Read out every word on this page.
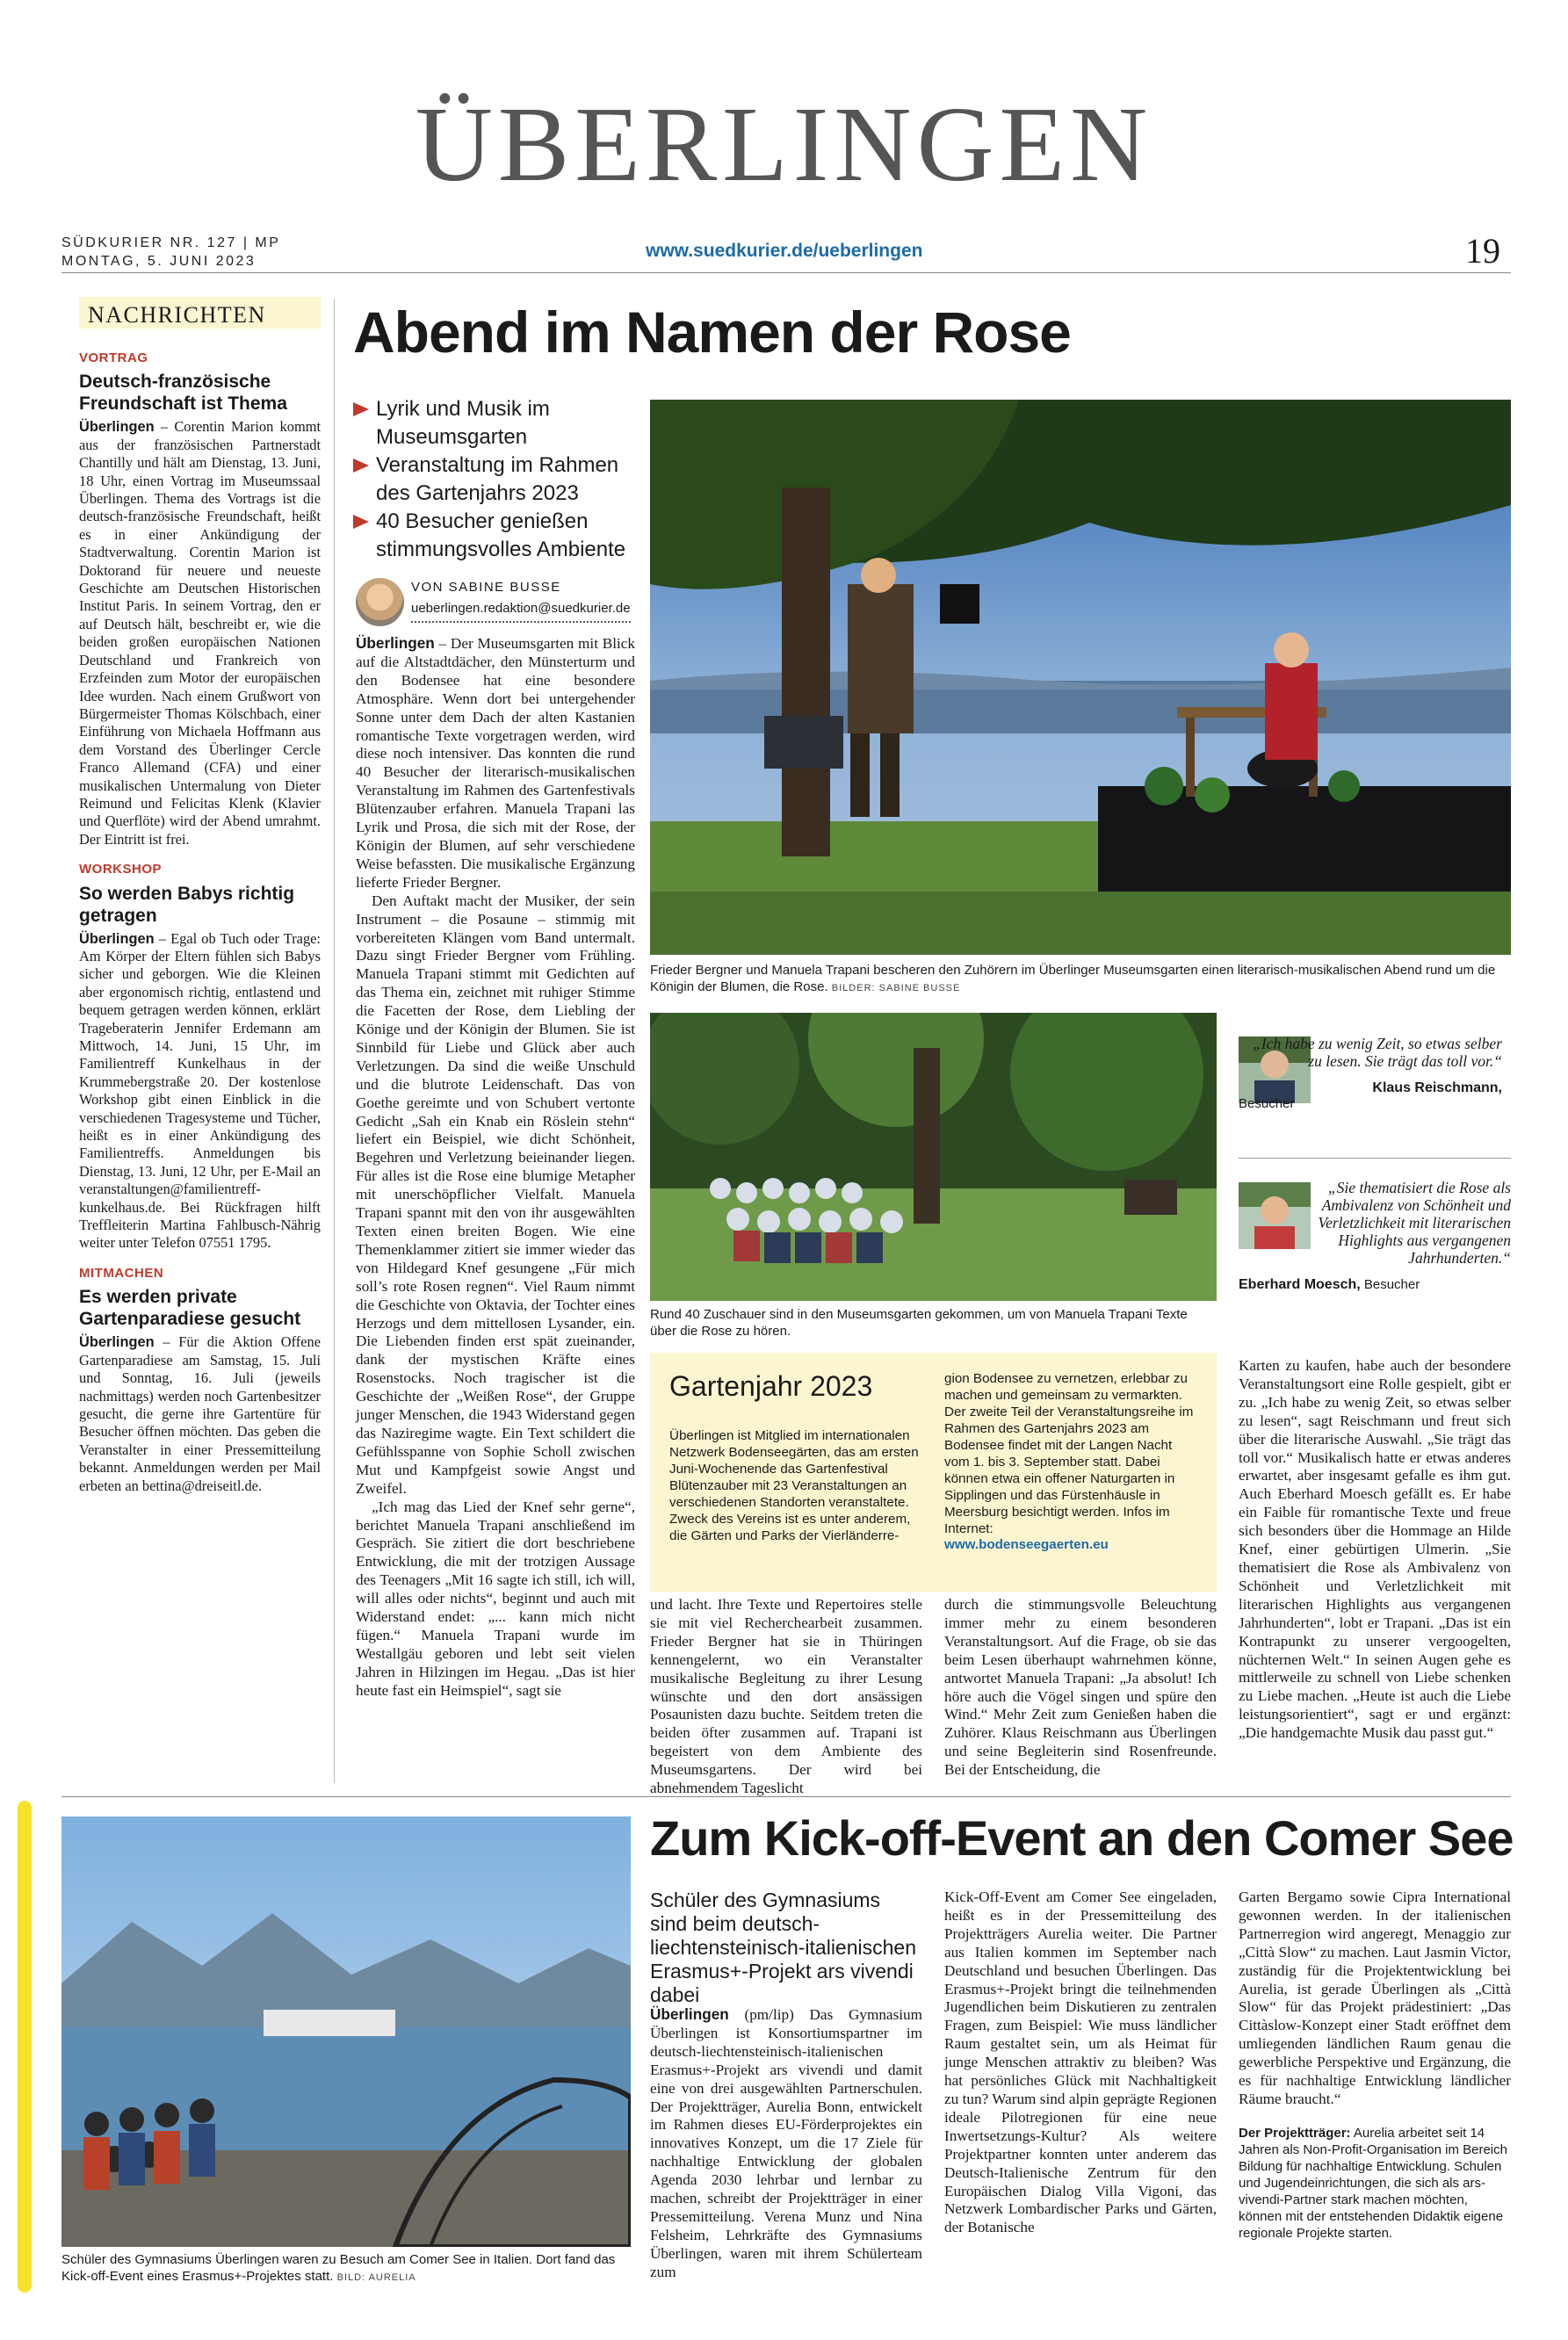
ÜBERLINGEN
SÜDKURIER NR. 127 | MP
MONTAG, 5. JUNI 2023
www.suedkurier.de/ueberlingen	19
NACHRICHTEN
VORTRAG
Deutsch-französische Freundschaft ist Thema
Überlingen – Corentin Marion kommt aus der französischen Partnerstadt Chantilly und hält am Dienstag, 13. Juni, 18 Uhr, einen Vortrag im Museumssaal Überlingen. Thema des Vortrags ist die deutsch-französische Freundschaft, heißt es in einer Ankündigung der Stadtverwaltung. Corentin Marion ist Doktorand für neuere und neueste Geschichte am Deutschen Historischen Institut Paris. In seinem Vortrag, den er auf Deutsch hält, beschreibt er, wie die beiden großen europäischen Nationen Deutschland und Frankreich von Erzfeinden zum Motor der europäischen Idee wurden. Nach einem Grußwort von Bürgermeister Thomas Kölschbach, einer Einführung von Michaela Hoffmann aus dem Vorstand des Überlinger Cercle Franco Allemand (CFA) und einer musikalischen Untermalung von Dieter Reimund und Felicitas Klenk (Klavier und Querflöte) wird der Abend umrahmt. Der Eintritt ist frei.
WORKSHOP
So werden Babys richtig getragen
Überlingen – Egal ob Tuch oder Trage: Am Körper der Eltern fühlen sich Babys sicher und geborgen. Wie die Kleinen aber ergonomisch richtig, entlastend und bequem getragen werden können, erklärt Trageberaterin Jennifer Erdemann am Mittwoch, 14. Juni, 15 Uhr, im Familientreff Kunkelhaus in der Krummebergstraße 20. Der kostenlose Workshop gibt einen Einblick in die verschiedenen Tragesysteme und Tücher, heißt es in einer Ankündigung des Familientreffs. Anmeldungen bis Dienstag, 13. Juni, 12 Uhr, per E-Mail an veranstaltungen@familientreff-kunkelhaus.de. Bei Rückfragen hilft Treffleiterin Martina Fahlbusch-Nährig weiter unter Telefon 07551 1795.
MITMACHEN
Es werden private Gartenparadiese gesucht
Überlingen – Für die Aktion Offene Gartenparadiese am Samstag, 15. Juli und Sonntag, 16. Juli (jeweils nachmittags) werden noch Gartenbesitzer gesucht, die gerne ihre Gartentüre für Besucher öffnen möchten. Das geben die Veranstalter in einer Pressemitteilung bekannt. Anmeldungen werden per Mail erbeten an bettina@dreiseitl.de.
Abend im Namen der Rose
Lyrik und Musik im Museumsgarten
Veranstaltung im Rahmen des Gartenjahrs 2023
40 Besucher genießen stimmungsvolles Ambiente
VON SABINE BUSSE
ueberlingen.redaktion@suedkurier.de
Überlingen – Der Museumsgarten mit Blick auf die Altstadtdächer, den Münsterturm und den Bodensee hat eine besondere Atmosphäre. Wenn dort bei untergehender Sonne unter dem Dach der alten Kastanien romantische Texte vorgetragen werden, wird diese noch intensiver. Das konnten die rund 40 Besucher der literarisch-musikalischen Veranstaltung im Rahmen des Gartenfestivals Blütenzauber erfahren. Manuela Trapani las Lyrik und Prosa, die sich mit der Rose, der Königin der Blumen, auf sehr verschiedene Weise befassten. Die musikalische Ergänzung lieferte Frieder Bergner.
Den Auftakt macht der Musiker, der sein Instrument – die Posaune – stimmig mit vorbereiteten Klängen vom Band untermalt. Dazu singt Frieder Bergner vom Frühling. Manuela Trapani stimmt mit Gedichten auf das Thema ein, zeichnet mit ruhiger Stimme die Facetten der Rose, dem Liebling der Könige und der Königin der Blumen. Sie ist Sinnbild für Liebe und Glück aber auch Verletzungen. Da sind die weiße Unschuld und die blutrote Leidenschaft. Das von Goethe gereimte und von Schubert vertonte Gedicht „Sah ein Knab ein Röslein stehn“ liefert ein Beispiel, wie dicht Schönheit, Begehren und Verletzung beieinander liegen. Für alles ist die Rose eine blumige Metapher mit unerschöpflicher Vielfalt. Manuela Trapani spannt mit den von ihr ausgewählten Texten einen breiten Bogen. Wie eine Themenklammer zitiert sie immer wieder das von Hildegard Knef gesungene „Für mich soll’s rote Rosen regnen“. Viel Raum nimmt die Geschichte von Oktavia, der Tochter eines Herzogs und dem mittellosen Lysander, ein. Die Liebenden finden erst spät zueinander, dank der mystischen Kräfte eines Rosenstocks. Noch tragischer ist die Geschichte der „Weißen Rose“, der Gruppe junger Menschen, die 1943 Widerstand gegen das Naziregime wagte. Ein Text schildert die Gefühlsspanne von Sophie Scholl zwischen Mut und Kampfgeist sowie Angst und Zweifel.
„Ich mag das Lied der Knef sehr gerne“, berichtet Manuela Trapani anschließend im Gespräch. Sie zitiert die dort beschriebene Entwicklung, die mit der trotzigen Aussage des Teenagers „Mit 16 sagte ich still, ich will, will alles oder nichts“, beginnt und auch mit Widerstand endet: „... kann mich nicht fügen.“ Manuela Trapani wurde im Westallgäu geboren und lebt seit vielen Jahren in Hilzingen im Hegau. „Das ist hier heute fast ein Heimspiel“, sagt sie
Frieder Bergner und Manuela Trapani bescheren den Zuhörern im Überlinger Museumsgarten einen literarisch-musikalischen Abend rund um die Königin der Blumen, die Rose. BILDER: SABINE BUSSE
Rund 40 Zuschauer sind in den Museumsgarten gekommen, um von Manuela Trapani Texte über die Rose zu hören.
„Ich habe zu wenig Zeit, so etwas selber zu lesen. Sie trägt das toll vor.“
Klaus Reischmann,
Besucher
„Sie thematisiert die Rose als Ambivalenz von Schönheit und Verletzlichkeit mit literarischen Highlights aus vergangenen Jahrhunderten.“
Eberhard Moesch, Besucher
Gartenjahr 2023
Überlingen ist Mitglied im internationalen Netzwerk Bodenseegärten, das am ersten Juni-Wochenende das Gartenfestival Blütenzauber mit 23 Veranstaltungen an verschiedenen Standorten veranstaltete. Zweck des Vereins ist es unter anderem, die Gärten und Parks der Vierländerre-
gion Bodensee zu vernetzen, erlebbar zu machen und gemeinsam zu vermarkten. Der zweite Teil der Veranstaltungsreihe im Rahmen des Gartenjahrs 2023 am Bodensee findet mit der Langen Nacht vom 1. bis 3. September statt. Dabei können etwa ein offener Naturgarten in Sipplingen und das Fürstenhäusle in Meersburg besichtigt werden. Infos im Internet:
www.bodenseegaerten.eu
Karten zu kaufen, habe auch der besondere Veranstaltungsort eine Rolle gespielt, gibt er zu. „Ich habe zu wenig Zeit, so etwas selber zu lesen“, sagt Reischmann und freut sich über die literarische Auswahl. „Sie trägt das toll vor.“ Musikalisch hatte er etwas anderes erwartet, aber insgesamt gefalle es ihm gut. Auch Eberhard Moesch gefällt es. Er habe ein Faible für romantische Texte und freue sich besonders über die Hommage an Hilde Knef, einer gebürtigen Ulmerin. „Sie thematisiert die Rose als Ambivalenz von Schönheit und Verletzlichkeit mit literarischen Highlights aus vergangenen Jahrhunderten“, lobt er Trapani. „Das ist ein Kontrapunkt zu unserer vergoogelten, nüchternen Welt.“ In seinen Augen gehe es mittlerweile zu schnell von Liebe schenken zu Liebe machen. „Heute ist auch die Liebe leistungsorientiert“, sagt er und ergänzt: „Die handgemachte Musik dau passt gut.“
und lacht. Ihre Texte und Repertoires stelle sie mit viel Recherchearbeit zusammen. Frieder Bergner hat sie in Thüringen kennengelernt, wo ein Veranstalter musikalische Begleitung zu ihrer Lesung wünschte und den dort ansässigen Posaunisten dazu buchte. Seitdem treten die beiden öfter zusammen auf. Trapani ist begeistert von dem Ambiente des Museumsgartens. Der wird bei abnehmendem Tageslicht
durch die stimmungsvolle Beleuchtung immer mehr zu einem besonderen Veranstaltungsort. Auf die Frage, ob sie das beim Lesen überhaupt wahrnehmen könne, antwortet Manuela Trapani: „Ja absolut! Ich höre auch die Vögel singen und spüre den Wind.“ Mehr Zeit zum Genießen haben die Zuhörer. Klaus Reischmann aus Überlingen und seine Begleiterin sind Rosenfreunde. Bei der Entscheidung, die
Schüler des Gymnasiums Überlingen waren zu Besuch am Comer See in Italien. Dort fand das Kick-off-Event eines Erasmus+-Projektes statt. BILD: AURELIA
Zum Kick-off-Event an den Comer See
Schüler des Gymnasiums sind beim deutsch-liechtensteinisch-italienischen Erasmus+-Projekt ars vivendi dabei
Überlingen (pm/lip) Das Gymnasium Überlingen ist Konsortiumspartner im deutsch-liechtensteinisch-italienischen Erasmus+-Projekt ars vivendi und damit eine von drei ausgewählten Partnerschulen. Der Projektträger, Aurelia Bonn, entwickelt im Rahmen dieses EU-Förderprojektes ein innovatives Konzept, um die 17 Ziele für nachhaltige Entwicklung der globalen Agenda 2030 lehrbar und lernbar zu machen, schreibt der Projektträger in einer Pressemitteilung. Verena Munz und Nina Felsheim, Lehrkräfte des Gymnasiums Überlingen, waren mit ihrem Schülerteam zum
Kick-Off-Event am Comer See eingeladen, heißt es in der Pressemitteilung des Projektträgers Aurelia weiter. Die Partner aus Italien kommen im September nach Deutschland und besuchen Überlingen. Das Erasmus+-Projekt bringt die teilnehmenden Jugendlichen beim Diskutieren zu zentralen Fragen, zum Beispiel: Wie muss ländlicher Raum gestaltet sein, um als Heimat für junge Menschen attraktiv zu bleiben? Was hat persönliches Glück mit Nachhaltigkeit zu tun? Warum sind alpin geprägte Regionen ideale Pilotregionen für eine neue Inwertsetzungs-Kultur? Als weitere Projektpartner konnten unter anderem das Deutsch-Italienische Zentrum für den Europäischen Dialog Villa Vigoni, das Netzwerk Lombardischer Parks und Gärten, der Botanische
Garten Bergamo sowie Cipra International gewonnen werden. In der italienischen Partnerregion wird angeregt, Menaggio zur „Città Slow“ zu machen. Laut Jasmin Victor, zuständig für die Projektentwicklung bei Aurelia, ist gerade Überlingen als „Città Slow“ für das Projekt prädestiniert: „Das Cittàslow-Konzept einer Stadt eröffnet dem umliegenden ländlichen Raum genau die gewerbliche Perspektive und Ergänzung, die es für nachhaltige Entwicklung ländlicher Räume braucht.“
Der Projektträger: Aurelia arbeitet seit 14 Jahren als Non-Profit-Organisation im Bereich Bildung für nachhaltige Entwicklung. Schulen und Jugendeinrichtungen, die sich als ars-vivendi-Partner stark machen möchten, können mit der entstehenden Didaktik eigene regionale Projekte starten.
